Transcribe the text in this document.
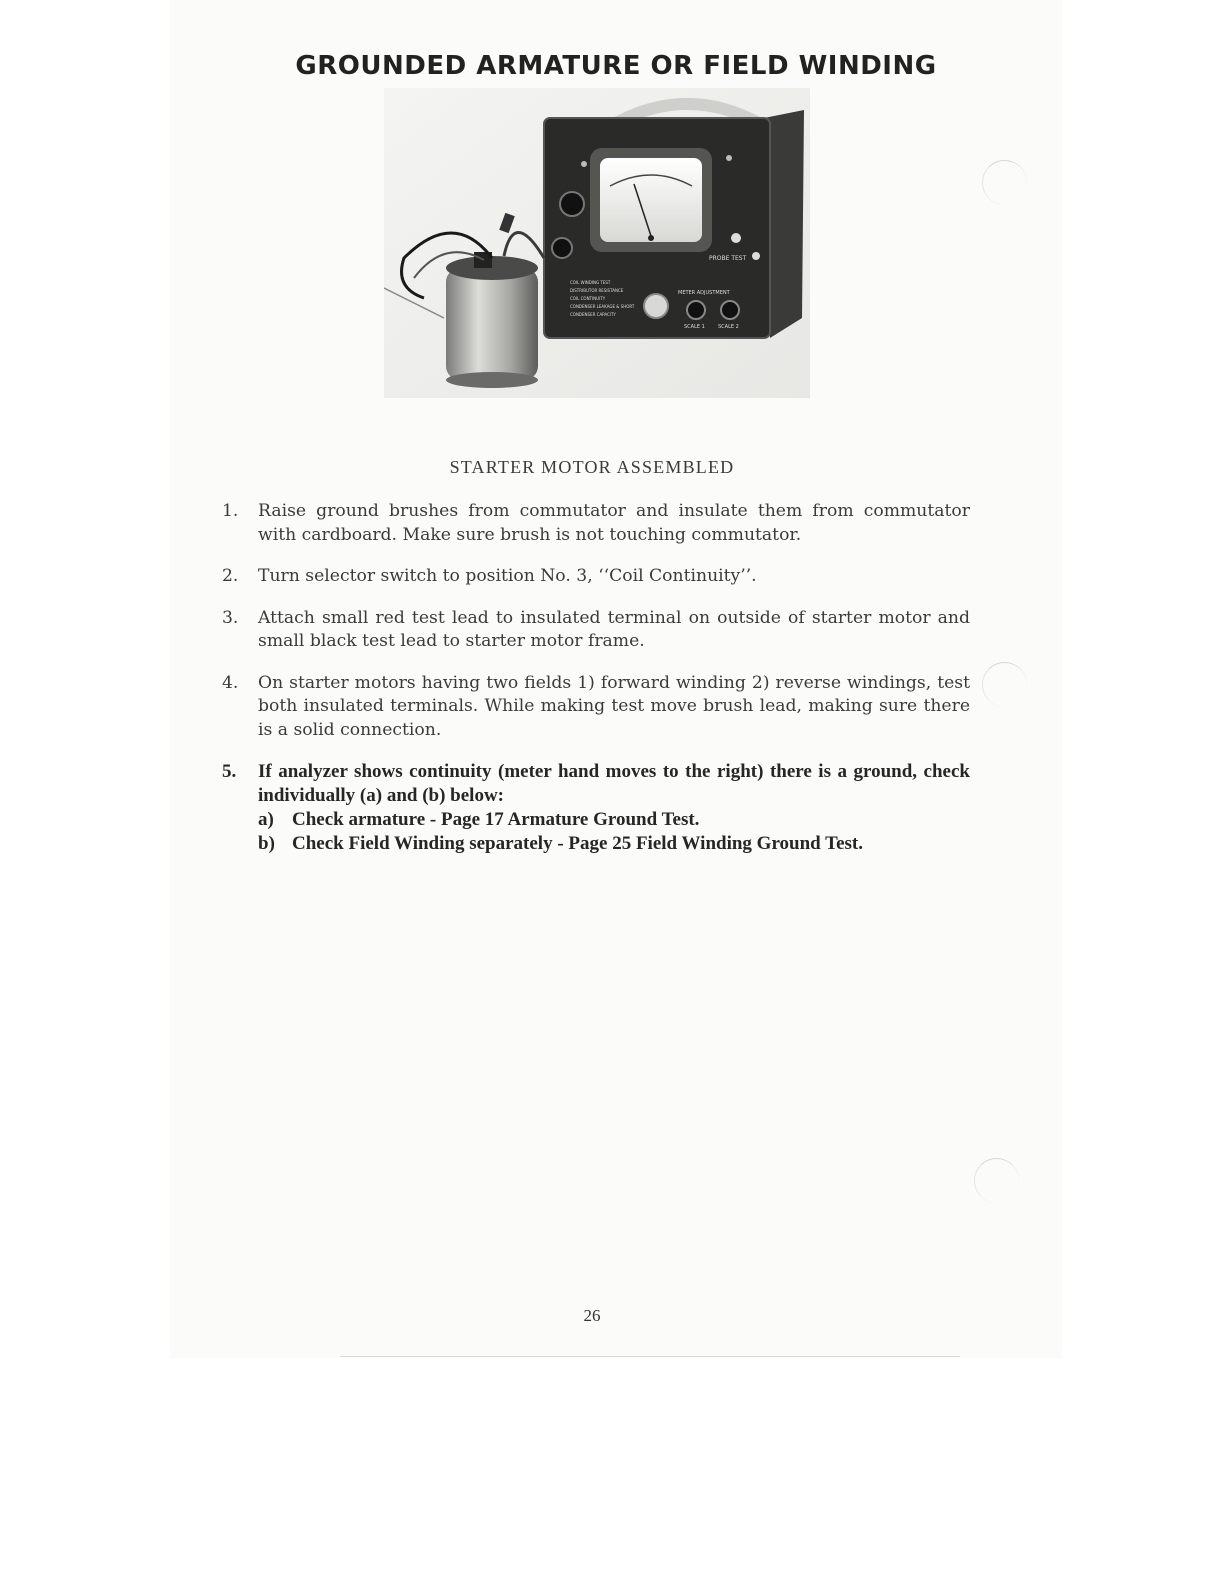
GROUNDED ARMATURE OR FIELD WINDING
PROBE TEST
METER ADJUSTMENT
SCALE 1	SCALE 2
COIL WINDING TEST
DISTRIBUTOR RESISTANCE
COIL CONTINUITY
CONDENSER LEAKAGE & SHORT
CONDENSER CAPACITY
STARTER MOTOR ASSEMBLED
1. Raise ground brushes from commutator and insulate them from commutator with cardboard. Make sure brush is not touching commutator.
2. Turn selector switch to position No. 3, ‘‘Coil Continuity’’.
3. Attach small red test lead to insulated terminal on outside of starter motor and small black test lead to starter motor frame.
4. On starter motors having two fields 1) forward winding 2) reverse windings, test both insulated terminals. While making test move brush lead, making sure there is a solid connection.
5. If analyzer shows continuity (meter hand moves to the right) there is a ground, check individually (a) and (b) below:
a) Check armature - Page 17 Armature Ground Test.
b) Check Field Winding separately - Page 25 Field Winding Ground Test.
26
